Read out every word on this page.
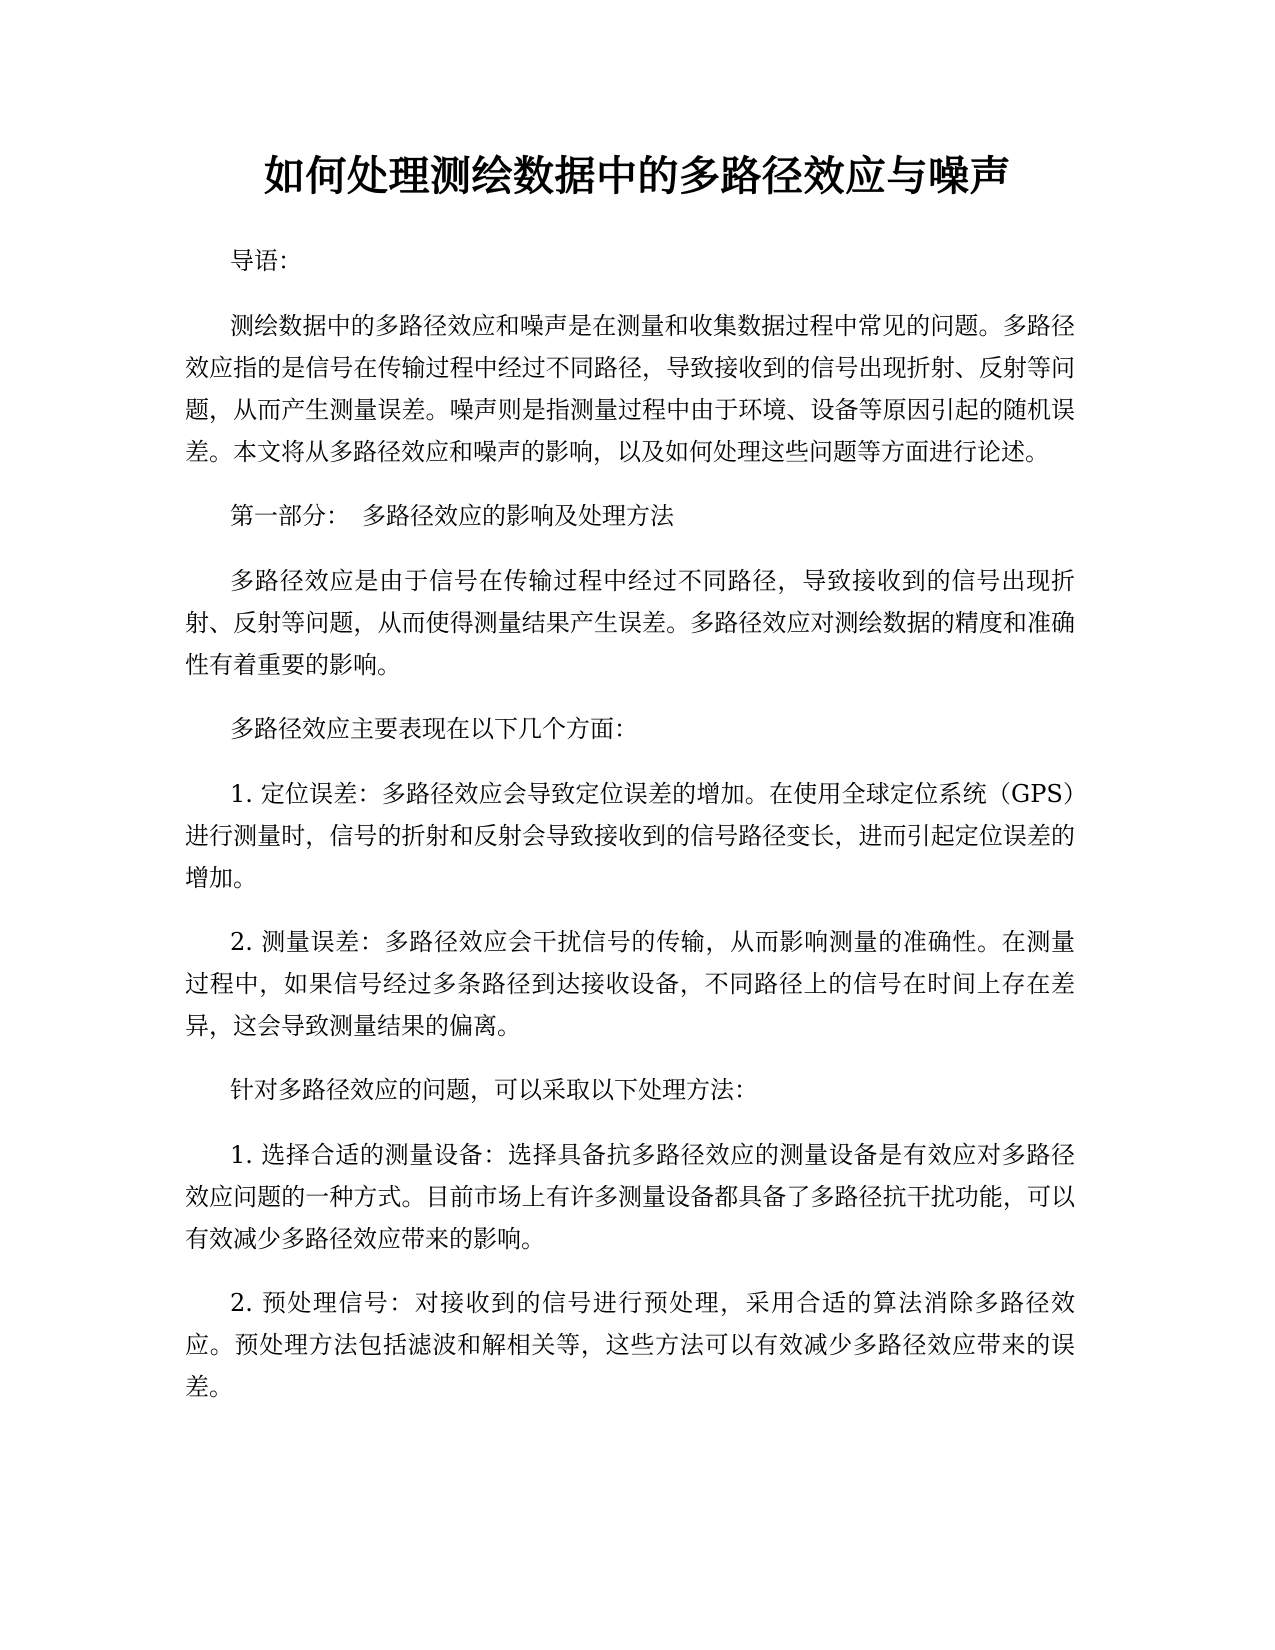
如何处理测绘数据中的多路径效应与噪声

导语：

测绘数据中的多路径效应和噪声是在测量和收集数据过程中常见的问题。多路径效应指的是信号在传输过程中经过不同路径，导致接收到的信号出现折射、反射等问题，从而产生测量误差。噪声则是指测量过程中由于环境、设备等原因引起的随机误差。本文将从多路径效应和噪声的影响，以及如何处理这些问题等方面进行论述。

第一部分：　多路径效应的影响及处理方法

多路径效应是由于信号在传输过程中经过不同路径，导致接收到的信号出现折射、反射等问题，从而使得测量结果产生误差。多路径效应对测绘数据的精度和准确性有着重要的影响。

多路径效应主要表现在以下几个方面：

1. 定位误差：多路径效应会导致定位误差的增加。在使用全球定位系统（GPS）进行测量时，信号的折射和反射会导致接收到的信号路径变长，进而引起定位误差的增加。

2. 测量误差：多路径效应会干扰信号的传输，从而影响测量的准确性。在测量过程中，如果信号经过多条路径到达接收设备，不同路径上的信号在时间上存在差异，这会导致测量结果的偏离。

针对多路径效应的问题，可以采取以下处理方法：

1. 选择合适的测量设备：选择具备抗多路径效应的测量设备是有效应对多路径效应问题的一种方式。目前市场上有许多测量设备都具备了多路径抗干扰功能，可以有效减少多路径效应带来的影响。

2. 预处理信号：对接收到的信号进行预处理，采用合适的算法消除多路径效应。预处理方法包括滤波和解相关等，这些方法可以有效减少多路径效应带来的误差。
